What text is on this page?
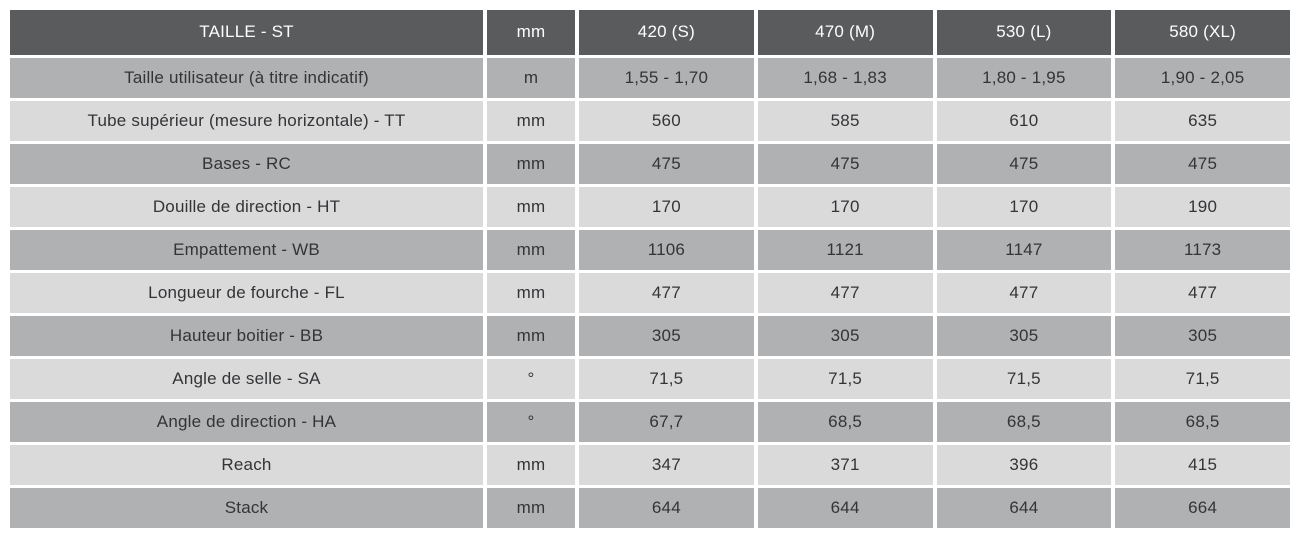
TAILLE - ST	mm	420 (S)	470 (M)	530 (L)	580 (XL)
Taille utilisateur (à titre indicatif)	m	1,55 - 1,70	1,68 - 1,83	1,80 - 1,95	1,90 - 2,05
Tube supérieur (mesure horizontale) - TT	mm	560	585	610	635
Bases - RC	mm	475	475	475	475
Douille de direction - HT	mm	170	170	170	190
Empattement - WB	mm	1106	1121	1147	1173
Longueur de fourche - FL	mm	477	477	477	477
Hauteur boitier - BB	mm	305	305	305	305
Angle de selle - SA	°	71,5	71,5	71,5	71,5
Angle de direction - HA	°	67,7	68,5	68,5	68,5
Reach	mm	347	371	396	415
Stack	mm	644	644	644	664
